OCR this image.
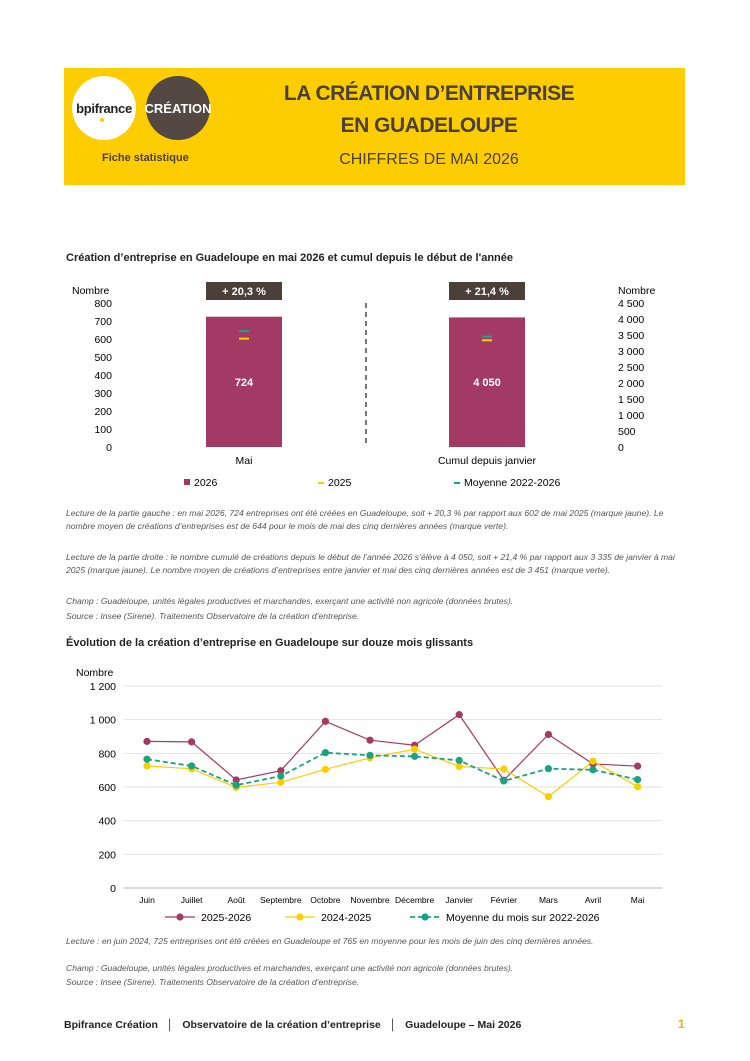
bpifrance CRÉATION
Fiche statistique
LA CRÉATION D’ENTREPRISE
EN GUADELOUPE
CHIFFRES DE MAI 2026
Création d’entreprise en Guadeloupe en mai 2026 et cumul depuis le début de l'année
Nombre	Nombre
0
100
200
300
400
500
600
700
800
0
500
1 000
1 500
2 000
2 500
3 000
3 500
4 000
4 500
724
+ 20,3 %
Mai
4 050
+ 21,4 %
Cumul depuis janvier
2026	2025	Moyenne 2022-2026
Lecture de la partie gauche : en mai 2026, 724 entreprises ont été créées en Guadeloupe, soit + 20,3 % par rapport aux 602 de mai 2025 (marque jaune). Le nombre moyen de créations d’entreprises est de 644 pour le mois de mai des cinq dernières années (marque verte).
Lecture de la partie droite : le nombre cumulé de créations depuis le début de l’année 2026 s’élève à 4 050, soit + 21,4 % par rapport aux 3 335 de janvier à mai 2025 (marque jaune). Le nombre moyen de créations d’entreprises entre janvier et mai des cinq dernières années est de 3 451 (marque verte).
Champ : Guadeloupe, unités légales productives et marchandes, exerçant une activité non agricole (données brutes).
Source : Insee (Sirene). Traitements Observatoire de la création d’entreprise.
Évolution de la création d’entreprise en Guadeloupe sur douze mois glissants
Nombre
0
200
400
600
800
1 000
1 200
Juin	Juillet	Août Septembre Octobre Novembre Décembre Janvier Février	Mars	Avril	Mai
2025-2026	2024-2025	Moyenne du mois sur 2022-2026
Lecture : en juin 2024, 725 entreprises ont été créées en Guadeloupe et 765 en moyenne pour les mois de juin des cinq dernières années.
Champ : Guadeloupe, unités légales productives et marchandes, exerçant une activité non agricole (données brutes).
Source : Insee (Sirene). Traitements Observatoire de la création d’entreprise.
Bpifrance Création │ Observatoire de la création d’entreprise │ Guadeloupe – Mai 2026	1
